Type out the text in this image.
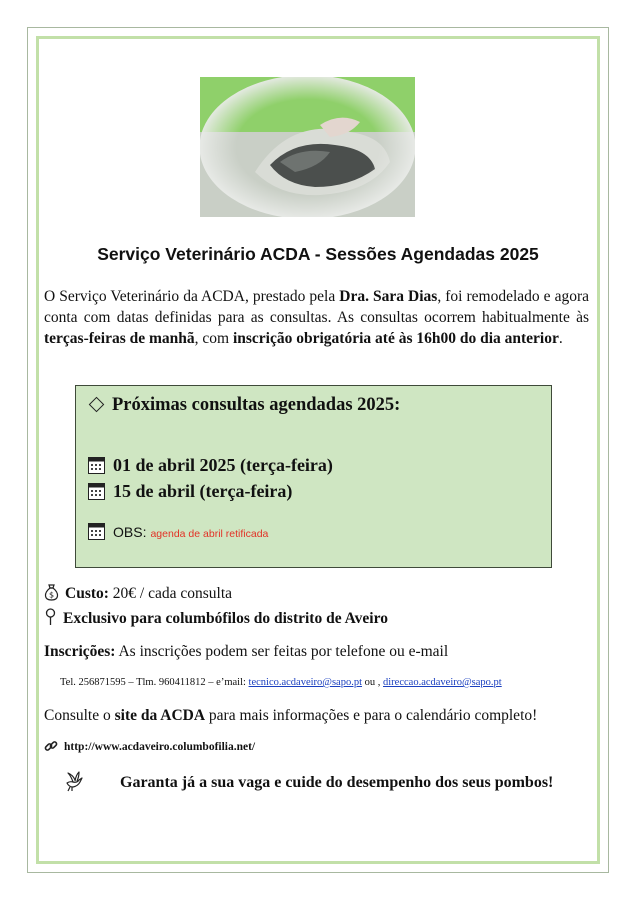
Serviço Veterinário ACDA - Sessões Agendadas 2025
O Serviço Veterinário da ACDA, prestado pela Dra. Sara Dias, foi remodelado e agora conta com datas definidas para as consultas. As consultas ocorrem habitualmente às terças-feiras de manhã, com inscrição obrigatória até às 16h00 do dia anterior.
Próximas consultas agendadas 2025:
01 de abril 2025 (terça-feira)
15 de abril (terça-feira)
OBS: agenda de abril retificada
$ Custo: 20€ / cada consulta
Exclusivo para columbófilos do distrito de Aveiro
Inscrições: As inscrições podem ser feitas por telefone ou e-mail
Tel. 256871595 – Tlm. 960411812 – e’mail: tecnico.acdaveiro@sapo.pt ou , direccao.acdaveiro@sapo.pt
Consulte o site da ACDA para mais informações e para o calendário completo!
http://www.acdaveiro.columbofilia.net/
Garanta já a sua vaga e cuide do desempenho dos seus pombos!
